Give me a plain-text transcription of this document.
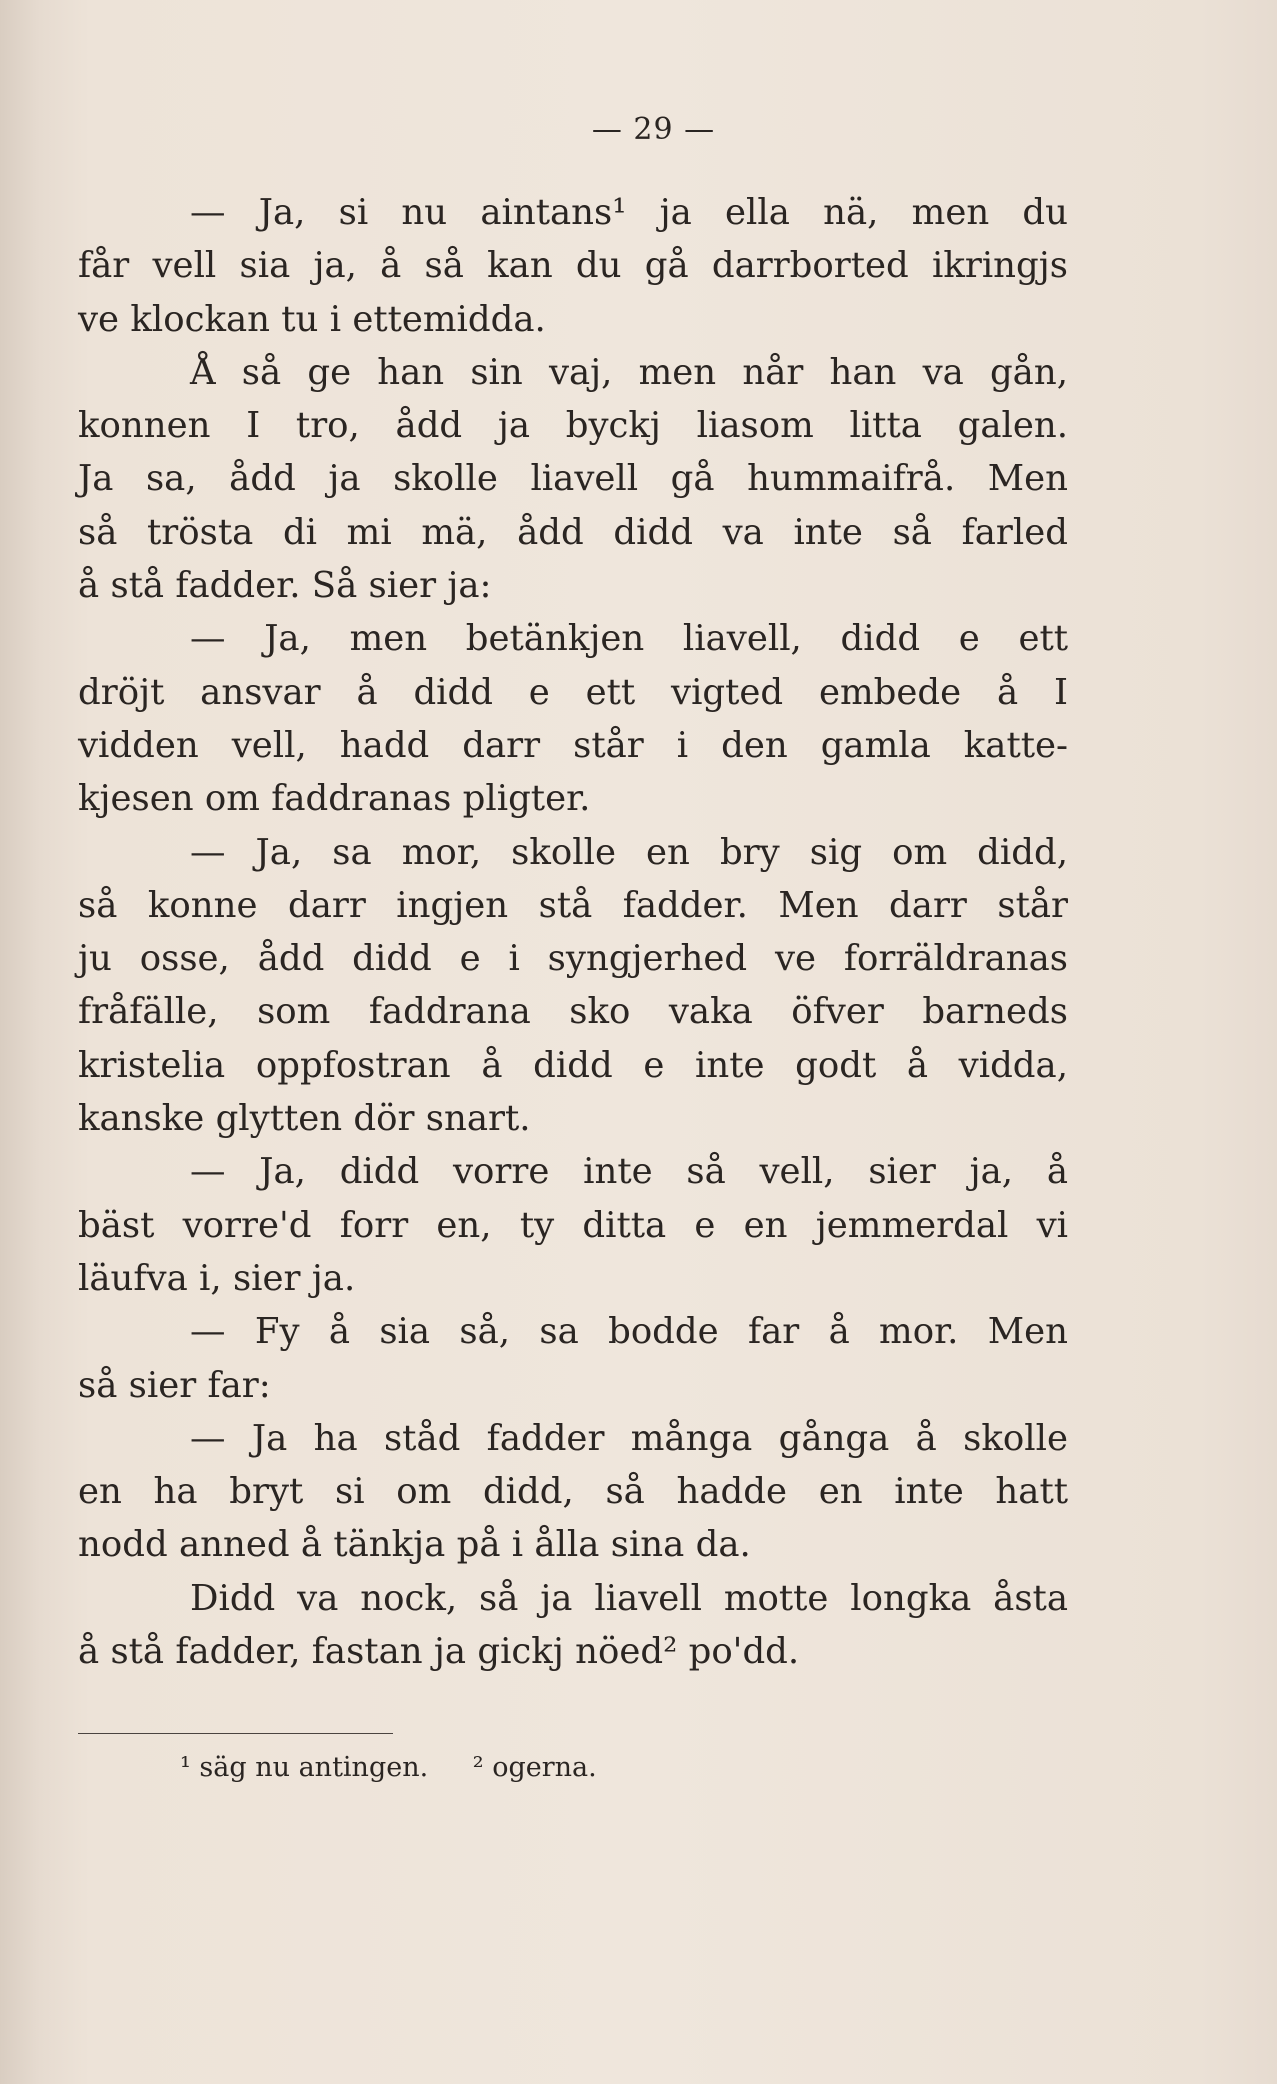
— 29 —
— Ja, si nu aintans¹ ja ella nä, men du
får vell sia ja, å så kan du gå darrborted ikringjs
ve klockan tu i ettemidda.
Å så ge han sin vaj, men når han va gån,
konnen I tro, ådd ja byckj liasom litta galen.
Ja sa, ådd ja skolle liavell gå hummaifrå. Men
så trösta di mi mä, ådd didd va inte så farled
å stå fadder. Så sier ja:
— Ja, men betänkjen liavell, didd e ett
dröjt ansvar å didd e ett vigted embede å I
vidden vell, hadd darr står i den gamla katte-
kjesen om faddranas pligter.
— Ja, sa mor, skolle en bry sig om didd,
så konne darr ingjen stå fadder. Men darr står
ju osse, ådd didd e i syngjerhed ve forräldranas
fråfälle, som faddrana sko vaka öfver barneds
kristelia oppfostran å didd e inte godt å vidda,
kanske glytten dör snart.
— Ja, didd vorre inte så vell, sier ja, å
bäst vorre'd forr en, ty ditta e en jemmerdal vi
läufva i, sier ja.
— Fy å sia så, sa bodde far å mor. Men
så sier far:
— Ja ha ståd fadder många gånga å skolle
en ha bryt si om didd, så hadde en inte hatt
nodd anned å tänkja på i ålla sina da.
Didd va nock, så ja liavell motte longka åsta
å stå fadder, fastan ja gickj nöed² po'dd.
¹ säg nu antingen. ² ogerna.
